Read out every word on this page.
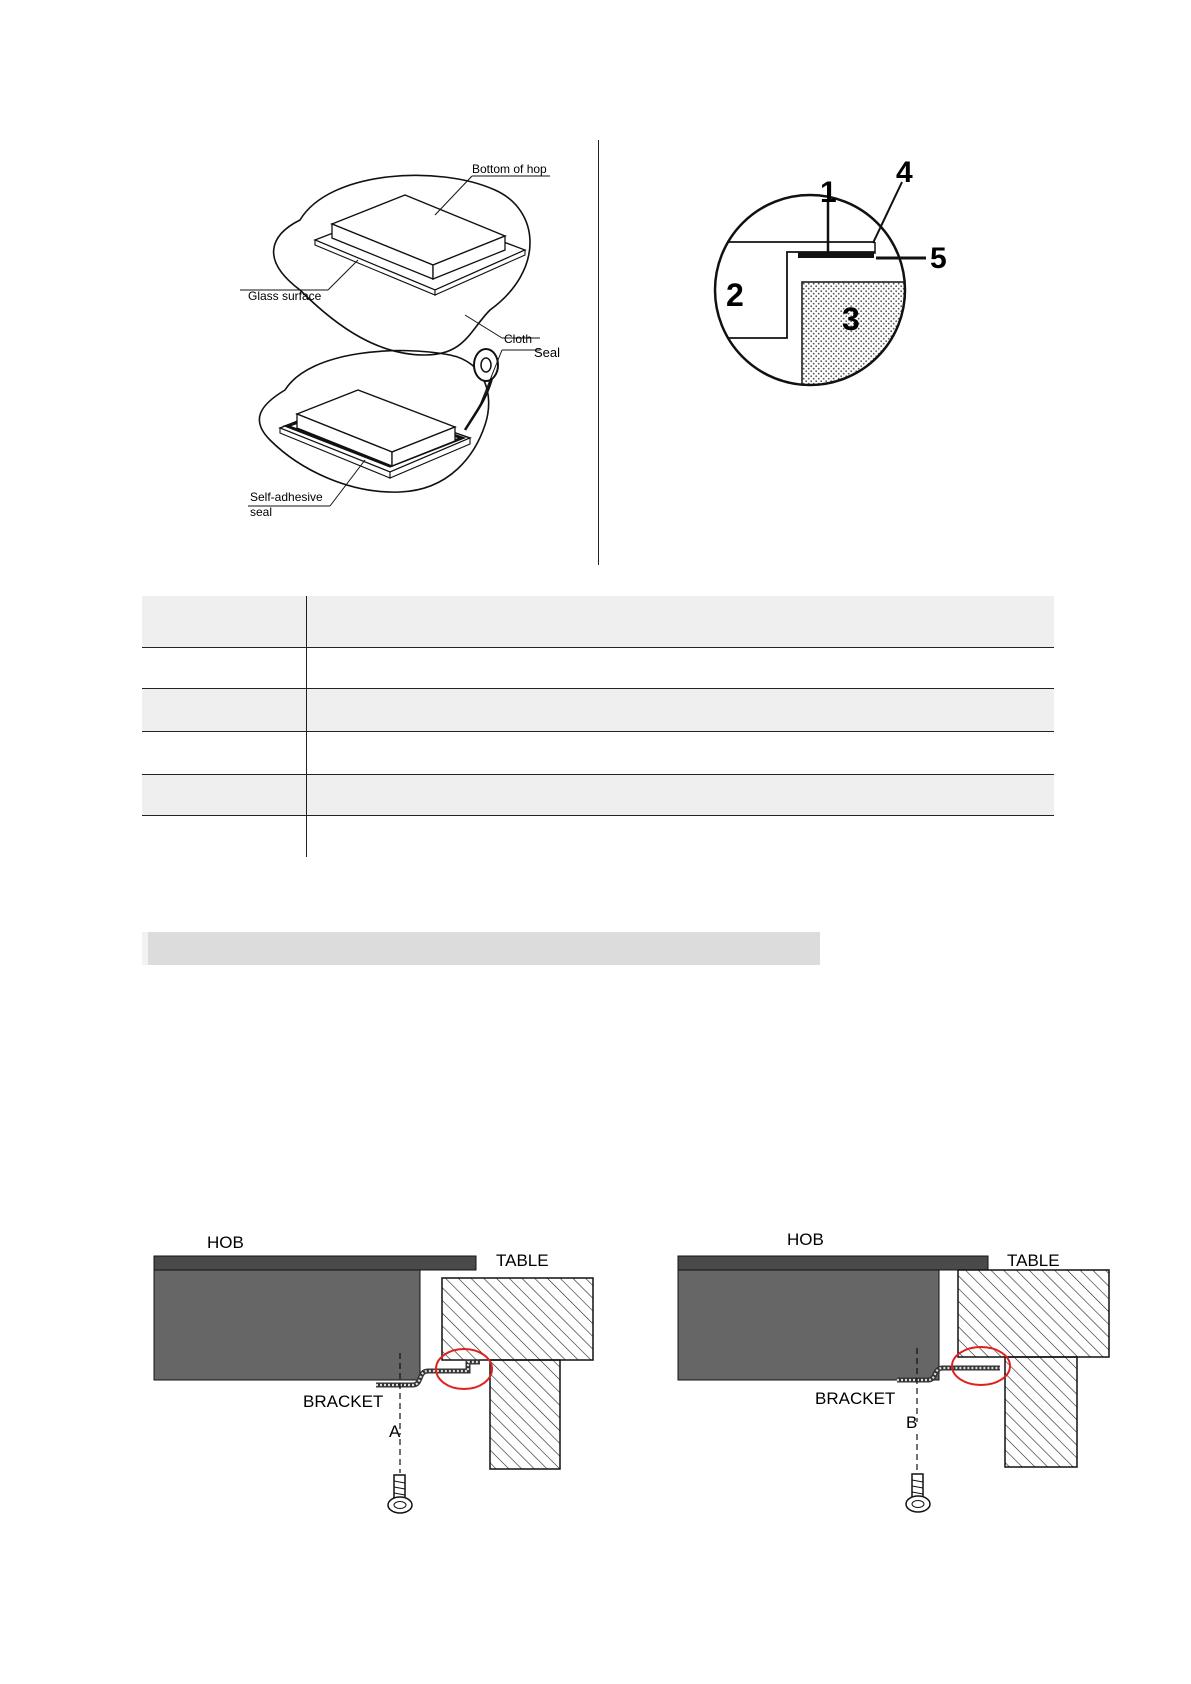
Bottom of hop
Glass surface
Cloth
Seal
Self-adhesive
seal
1
2
3
4
5

HOB
TABLE
BRACKET
A
HOB
TABLE
BRACKET
B
